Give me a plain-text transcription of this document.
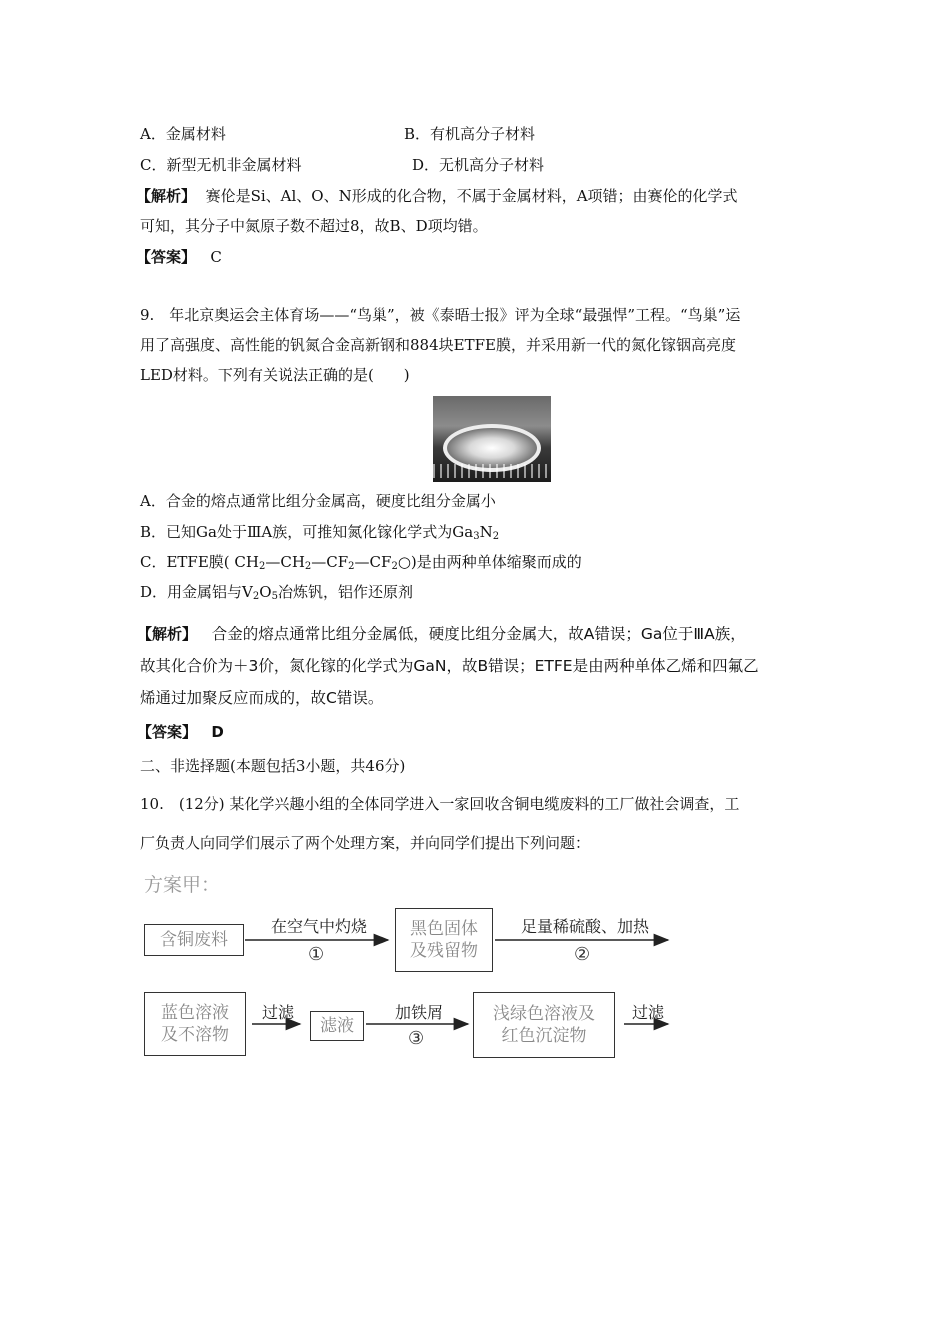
A．金属材料	B．有机高分子材料
C．新型无机非金属材料	D．无机高分子材料
【解析】 赛伦是Si、Al、O、N形成的化合物，不属于金属材料，A项错；由赛伦的化学式
可知，其分子中氮原子数不超过8，故B、D项均错。
【答案】 C
9.　年北京奥运会主体育场——“鸟巢”，被《泰晤士报》评为全球“最强悍”工程。“鸟巢”运
用了高强度、高性能的钒氮合金高新钢和884块ETFE膜，并采用新一代的氮化镓铟高亮度
LED材料。下列有关说法正确的是(　　)
A．合金的熔点通常比组分金属高，硬度比组分金属小
B．已知Ga处于ⅢA族，可推知氮化镓化学式为$Ga_3N_2$
C．ETFE膜( $CH_2—CH_2—CF_2—CF_2○$)是由两种单体缩聚而成的
D．用金属铝与$V_2O_5$冶炼钒，铝作还原剂
【解析】 合金的熔点通常比组分金属低，硬度比组分金属大，故A错误；Ga位于ⅢA族，
故其化合价为＋3价，氮化镓的化学式为GaN，故B错误；ETFE是由两种单体乙烯和四氟乙
烯通过加聚反应而成的，故C错误。
【答案】 D
二、非选择题(本题包括3小题，共46分)
10.　(12分) 某化学兴趣小组的全体同学进入一家回收含铜电缆废料的工厂做社会调查，工
厂负责人向同学们展示了两个处理方案，并向同学们提出下列问题：
方案甲：
含铜废料
在空气中灼烧
①
黑色固体
及残留物
足量稀硫酸、加热
②
蓝色溶液
及不溶物
过滤
滤液
加铁屑
③
浅绿色溶液及
红色沉淀物
过滤
